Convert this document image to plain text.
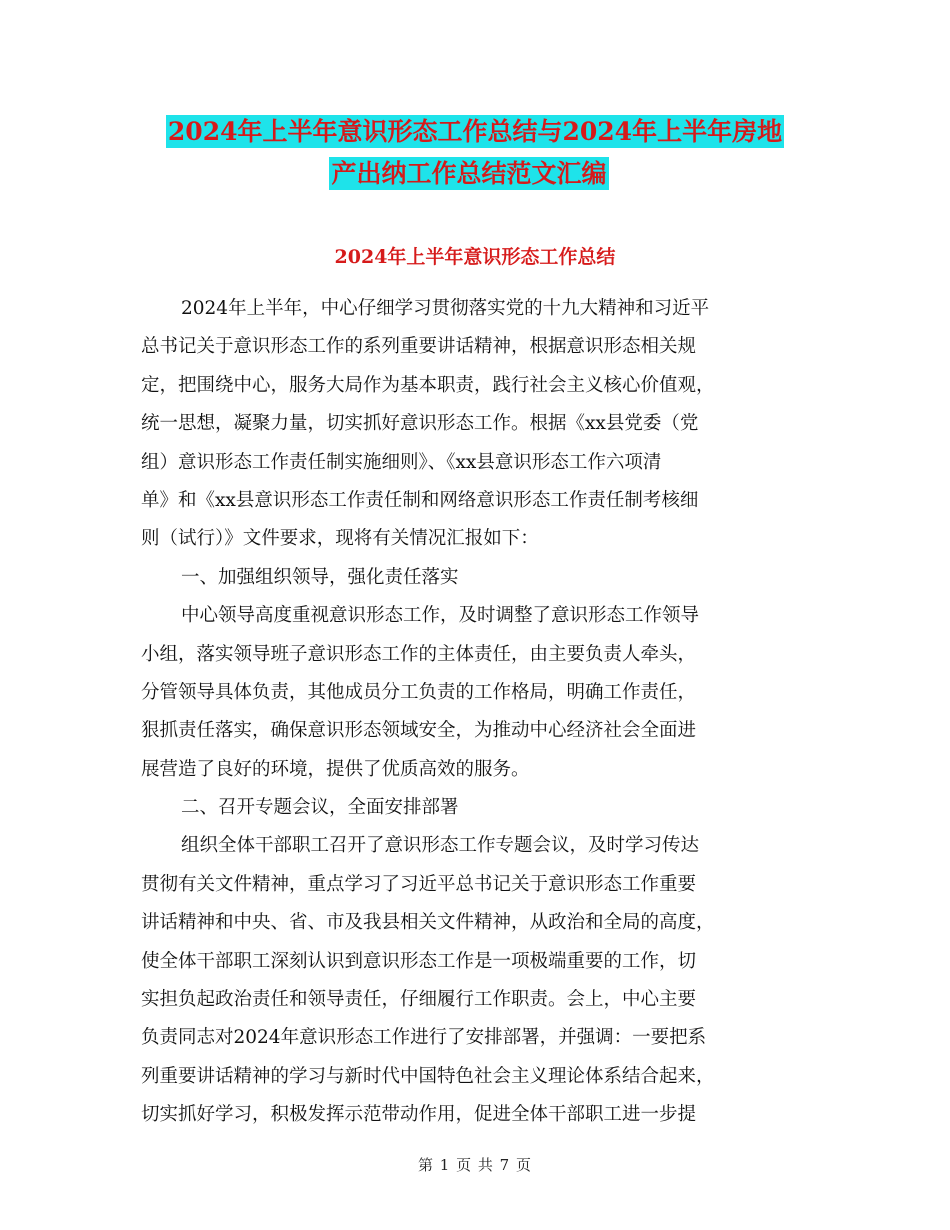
2024年上半年意识形态工作总结与2024年上半年房地
产出纳工作总结范文汇编
2024年上半年意识形态工作总结
2024年上半年，中心仔细学习贯彻落实党的十九大精神和习近平
总书记关于意识形态工作的系列重要讲话精神，根据意识形态相关规
定，把围绕中心，服务大局作为基本职责，践行社会主义核心价值观，
统一思想，凝聚力量，切实抓好意识形态工作。根据《xx县党委（党
组）意识形态工作责任制实施细则》、《xx县意识形态工作六项清
单》和《xx县意识形态工作责任制和网络意识形态工作责任制考核细
则（试行）》文件要求，现将有关情况汇报如下：
一、加强组织领导，强化责任落实
中心领导高度重视意识形态工作，及时调整了意识形态工作领导
小组，落实领导班子意识形态工作的主体责任，由主要负责人牵头，
分管领导具体负责，其他成员分工负责的工作格局，明确工作责任，
狠抓责任落实，确保意识形态领域安全，为推动中心经济社会全面进
展营造了良好的环境，提供了优质高效的服务。
二、召开专题会议，全面安排部署
组织全体干部职工召开了意识形态工作专题会议，及时学习传达
贯彻有关文件精神，重点学习了习近平总书记关于意识形态工作重要
讲话精神和中央、省、市及我县相关文件精神，从政治和全局的高度，
使全体干部职工深刻认识到意识形态工作是一项极端重要的工作，切
实担负起政治责任和领导责任，仔细履行工作职责。会上，中心主要
负责同志对2024年意识形态工作进行了安排部署，并强调：一要把系
列重要讲话精神的学习与新时代中国特色社会主义理论体系结合起来，
切实抓好学习，积极发挥示范带动作用，促进全体干部职工进一步提
第 1 页 共 7 页
